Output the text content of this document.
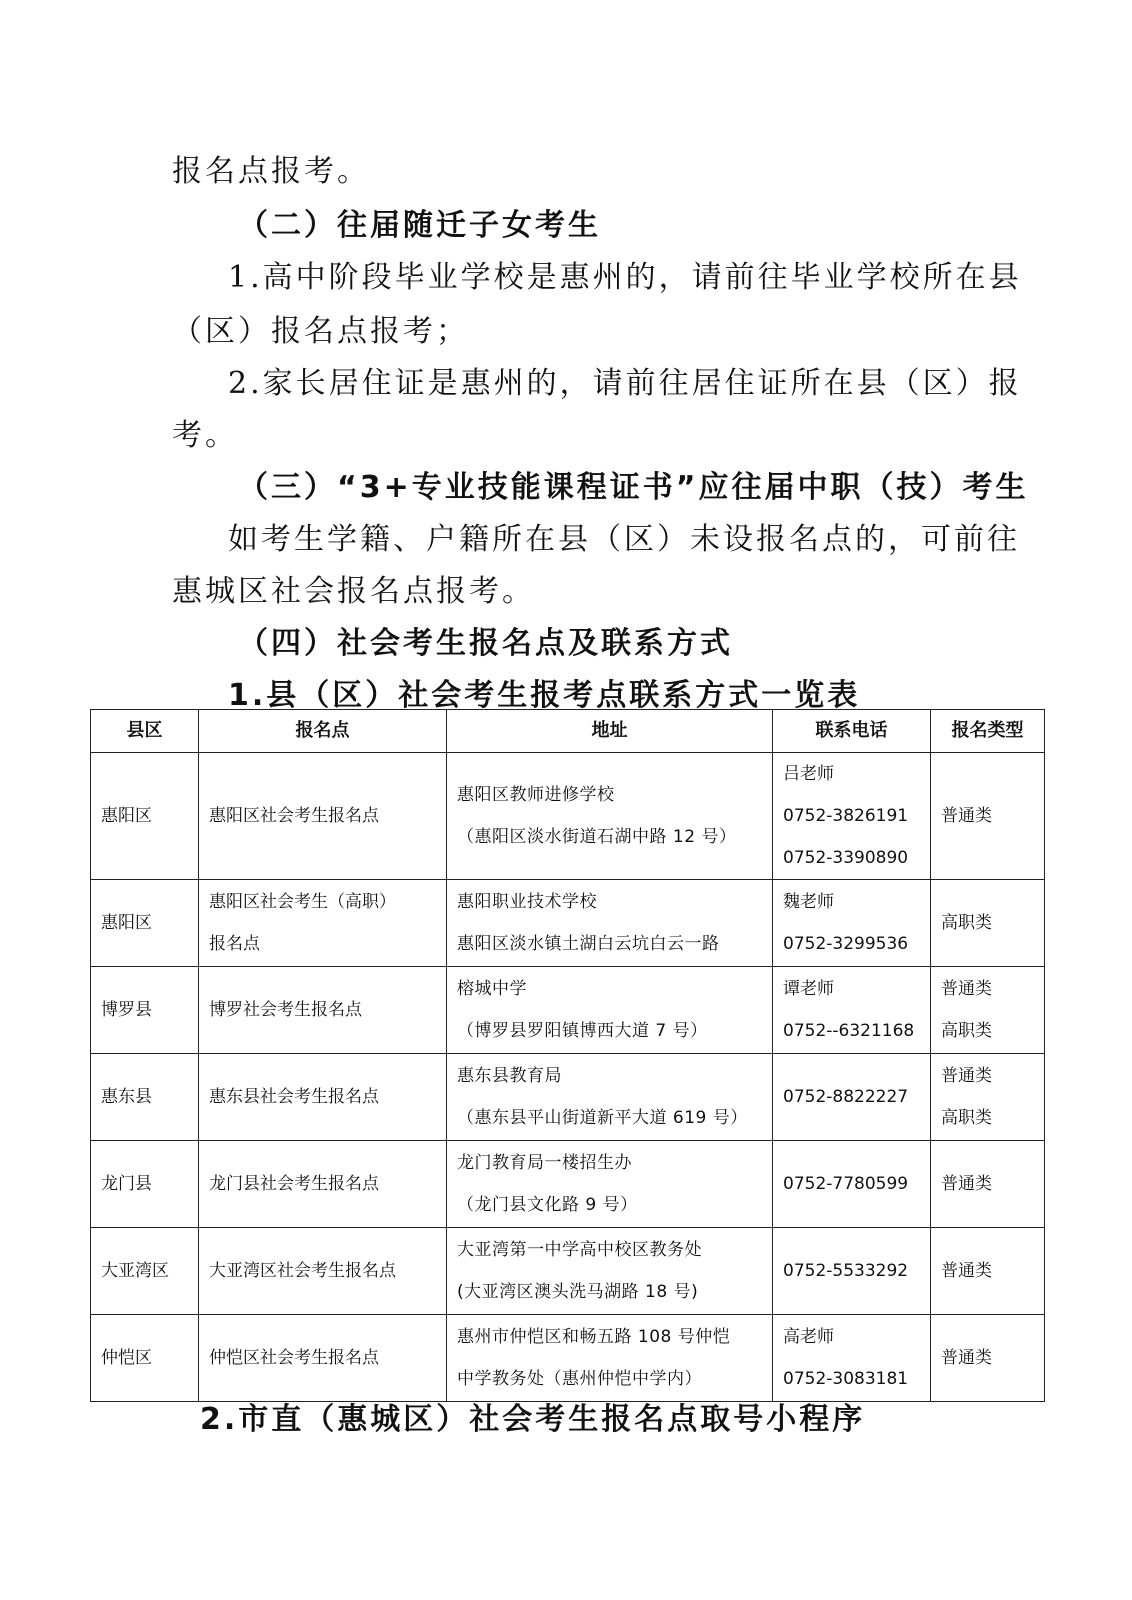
报名点报考。

（二）往届随迁子女考生

1.高中阶段毕业学校是惠州的，请前往毕业学校所在县

（区）报名点报考；

2.家长居住证是惠州的，请前往居住证所在县（区）报

考。

（三）“3+专业技能课程证书”应往届中职（技）考生

如考生学籍、户籍所在县（区）未设报名点的，可前往

惠城区社会报名点报考。

（四）社会考生报名点及联系方式

1.县（区）社会考生报考点联系方式一览表

县区	报名点	地址	联系电话	报名类型

惠阳区	惠阳区社会考生报名点	惠阳区教师进修学校
（惠阳区淡水街道石湖中路 12 号）	吕老师
0752-3826191
0752-3390890	普通类

惠阳区	惠阳区社会考生（高职）
报名点	惠阳职业技术学校
惠阳区淡水镇土湖白云坑白云一路	魏老师
0752-3299536	高职类

博罗县	博罗社会考生报名点	榕城中学
（博罗县罗阳镇博西大道 7 号）	谭老师
0752--6321168	普通类
高职类

惠东县	惠东县社会考生报名点	惠东县教育局
（惠东县平山街道新平大道 619 号）	0752-8822227	普通类
高职类

龙门县	龙门县社会考生报名点	龙门教育局一楼招生办
（龙门县文化路 9 号）	0752-7780599	普通类

大亚湾区	大亚湾区社会考生报名点	大亚湾第一中学高中校区教务处
(大亚湾区澳头洗马湖路 18 号)	0752-5533292	普通类

仲恺区	仲恺区社会考生报名点	惠州市仲恺区和畅五路 108 号仲恺
中学教务处（惠州仲恺中学内）	高老师
0752-3083181	普通类

2.市直（惠城区）社会考生报名点取号小程序
